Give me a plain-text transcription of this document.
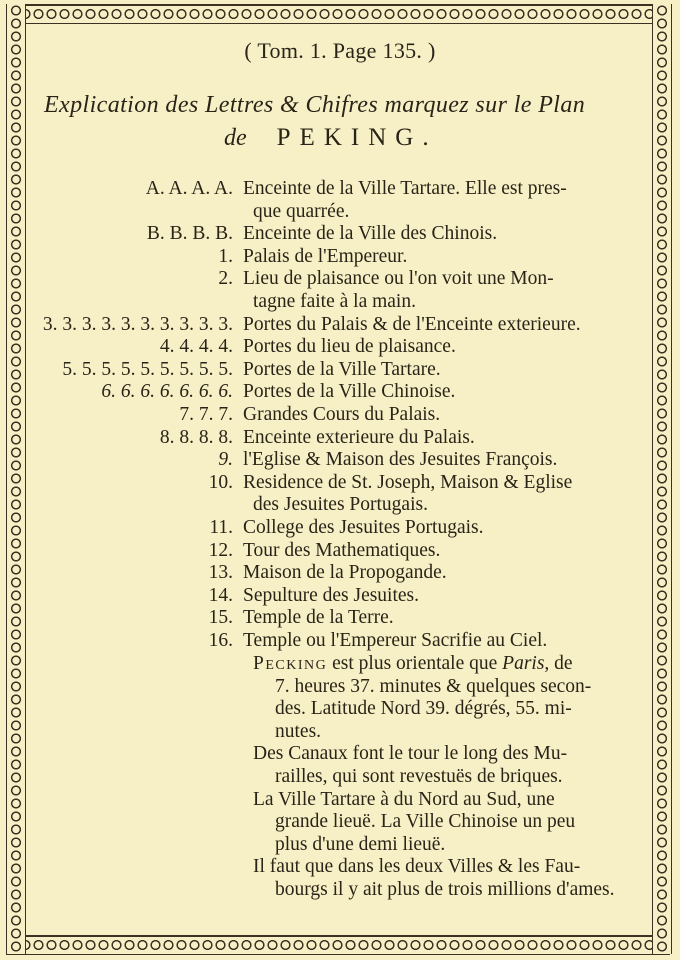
( Tom. 1. Page 135. )
Explication des Lettres & Chifres marquez sur le Plan
de PEKING.
A. A. A. A. Enceinte de la Ville Tartare. Elle est pres-
que quarrée.
B. B. B. B. Enceinte de la Ville des Chinois.
1. Palais de l'Empereur.
2. Lieu de plaisance ou l'on voit une Mon-
tagne faite à la main.
3. 3. 3. 3. 3. 3. 3. 3. 3. 3. Portes du Palais & de l'Enceinte exterieure.
4. 4. 4. 4. Portes du lieu de plaisance.
5. 5. 5. 5. 5. 5. 5. 5. 5. Portes de la Ville Tartare.
6. 6. 6. 6. 6. 6. 6. Portes de la Ville Chinoise.
7. 7. 7. Grandes Cours du Palais.
8. 8. 8. 8. Enceinte exterieure du Palais.
9. l'Eglise & Maison des Jesuites François.
10. Residence de St. Joseph, Maison & Eglise
des Jesuites Portugais.
11. College des Jesuites Portugais.
12. Tour des Mathematiques.
13. Maison de la Propogande.
14. Sepulture des Jesuites.
15. Temple de la Terre.
16. Temple ou l'Empereur Sacrifie au Ciel.
Pecking est plus orientale que Paris, de
7. heures 37. minutes & quelques secon-
des. Latitude Nord 39. dégrés, 55. mi-
nutes.
Des Canaux font le tour le long des Mu-
railles, qui sont revestuës de briques.
La Ville Tartare à du Nord au Sud, une
grande lieuë. La Ville Chinoise un peu
plus d'une demi lieuë.
Il faut que dans les deux Villes & les Fau-
bourgs il y ait plus de trois millions d'ames.
